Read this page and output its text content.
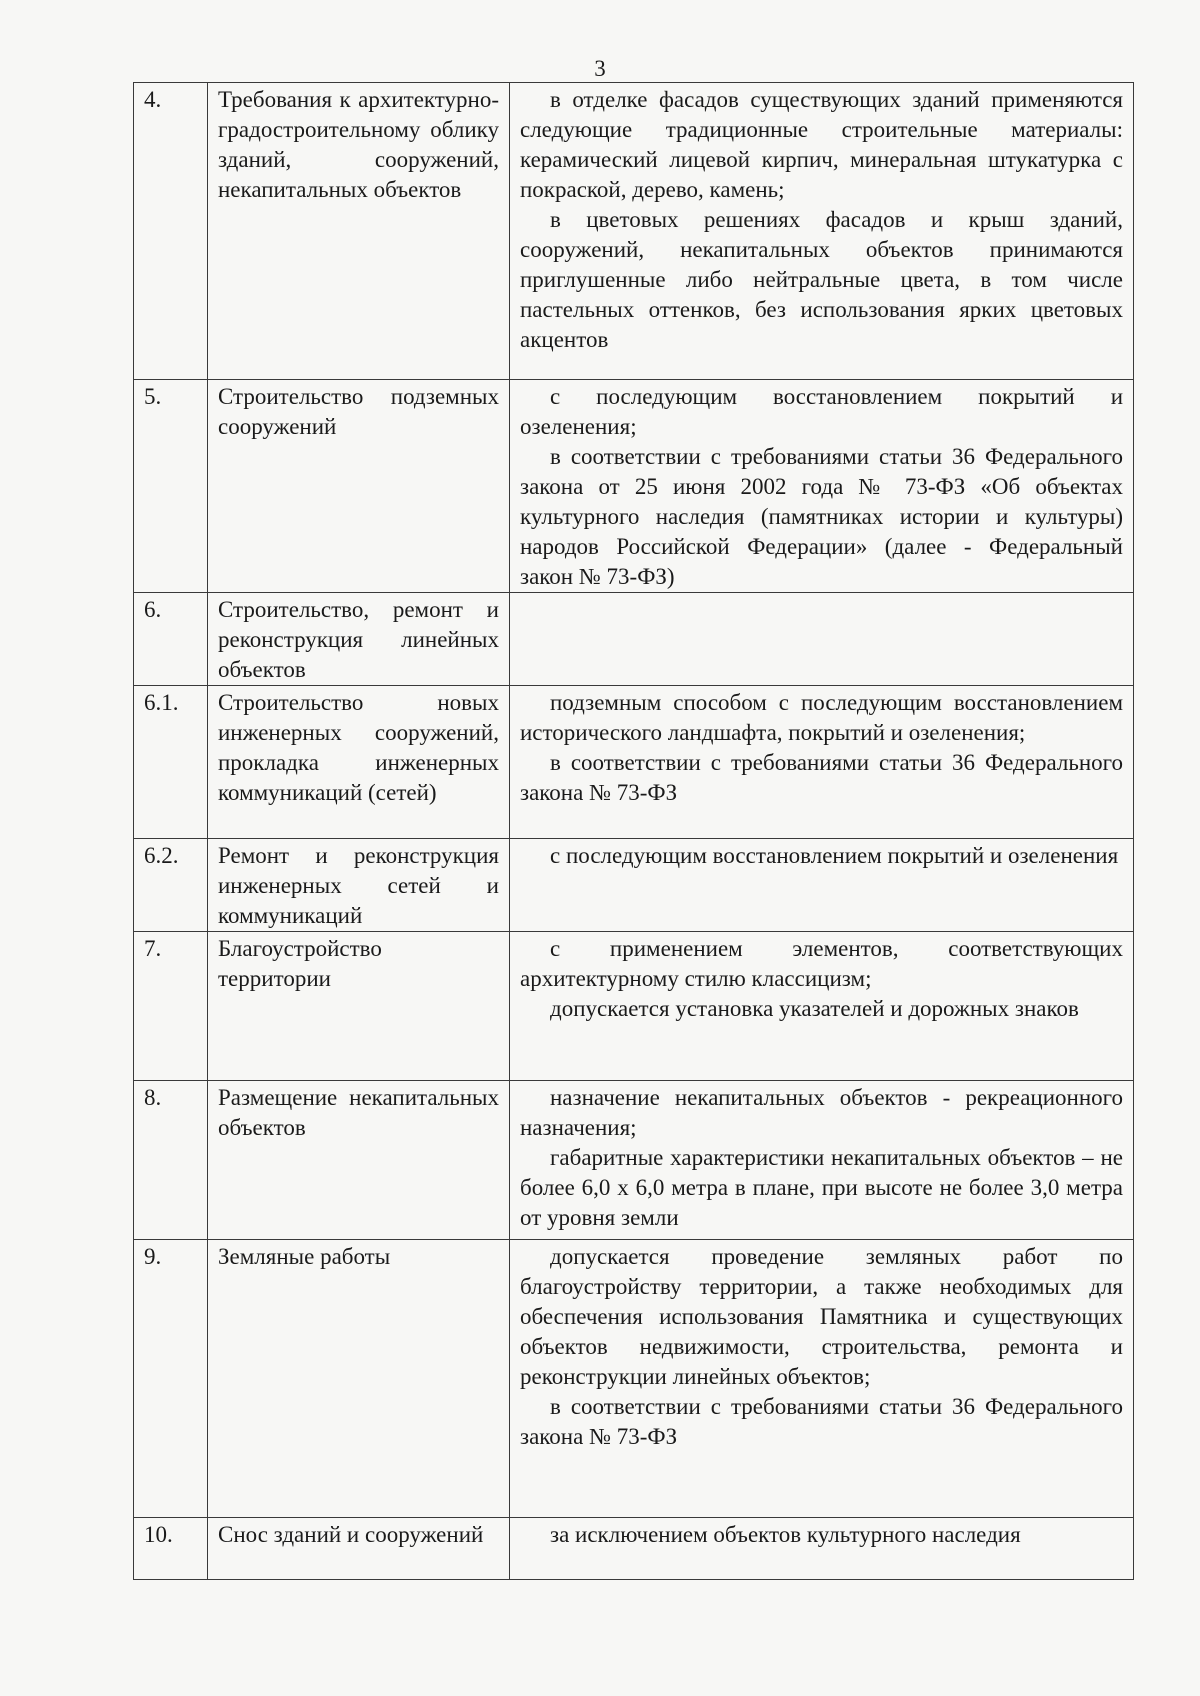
3
4.	Требования к архитектурно-градостроительному облику зданий, сооружений, некапитальных объектов	в отделке фасадов существующих зданий применяются следующие традиционные строительные материалы: керамический лицевой кирпич, минеральная штукатурка с покраской, дерево, камень;

в цветовых решениях фасадов и крыш зданий, сооружений, некапитальных объектов принимаются приглушенные либо нейтральные цвета, в том числе пастельных оттенков, без использования ярких цветовых акцентов

5.	Строительство подземных сооружений	с последующим восстановлением покрытий и озеленения;

в соответствии с требованиями статьи 36 Федерального закона от 25 июня 2002 года № 73-ФЗ «Об объектах культурного наследия (памятниках истории и культуры) народов Российской Федерации» (далее - Федеральный закон № 73-ФЗ)

6.	Строительство, ремонт и реконструкция линейных объектов	
6.1.	Строительство новых инженерных сооружений, прокладка инженерных коммуникаций (сетей)	подземным способом с последующим восстановлением исторического ландшафта, покрытий и озеленения;

в соответствии с требованиями статьи 36 Федерального закона № 73-ФЗ

6.2.	Ремонт и реконструкция инженерных сетей и коммуникаций	с последующим восстановлением покрытий и озеленения

7.	Благоустройство территории	с применением элементов, соответствующих архитектурному стилю классицизм;

допускается установка указателей и дорожных знаков

8.	Размещение некапитальных объектов	назначение некапитальных объектов - рекреационного назначения;

габаритные характеристики некапитальных объектов – не более 6,0 х 6,0 метра в плане, при высоте не более 3,0 метра от уровня земли

9.	Земляные работы	допускается проведение земляных работ по благоустройству территории, а также необходимых для обеспечения использования Памятника и существующих объектов недвижимости, строительства, ремонта и реконструкции линейных объектов;

в соответствии с требованиями статьи 36 Федерального закона № 73-ФЗ

10.	Снос зданий и сооружений	за исключением объектов культурного наследия
